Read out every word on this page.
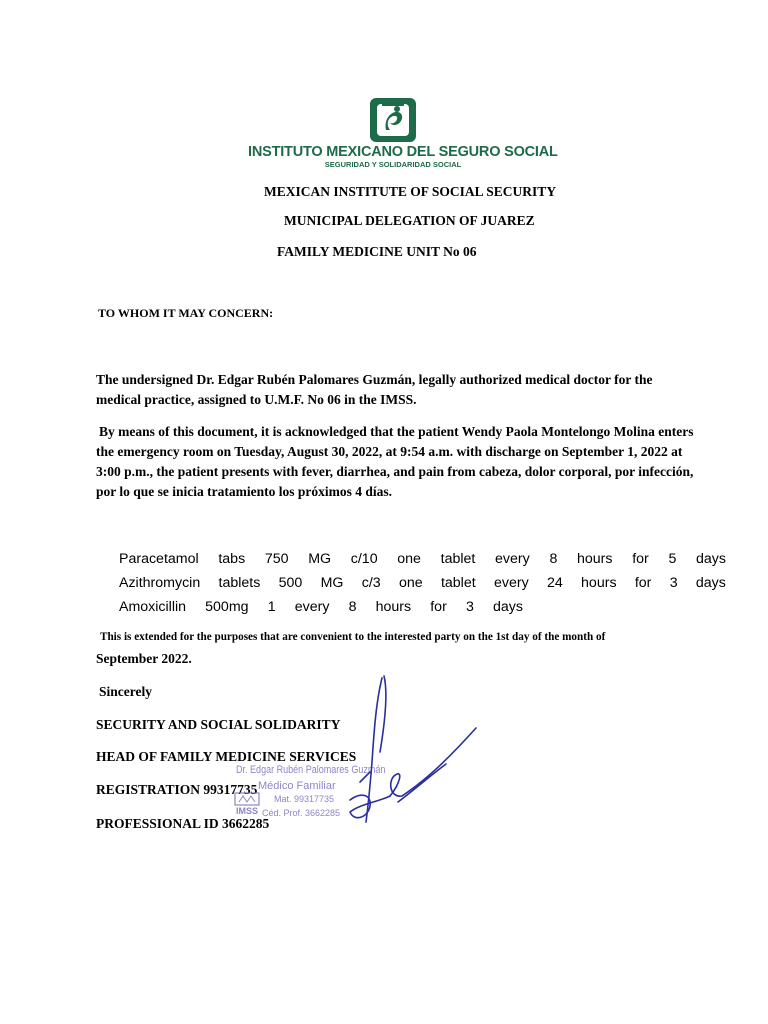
INSTITUTO MEXICANO DEL SEGURO SOCIAL
SEGURIDAD Y SOLIDARIDAD SOCIAL
MEXICAN INSTITUTE OF SOCIAL SECURITY
MUNICIPAL DELEGATION OF JUAREZ
FAMILY MEDICINE UNIT No 06
TO WHOM IT MAY CONCERN:
The undersigned Dr. Edgar Rubén Palomares Guzmán, legally authorized medical doctor for the medical practice, assigned to U.M.F. No 06 in the IMSS.
By means of this document, it is acknowledged that the patient Wendy Paola Montelongo Molina enters the emergency room on Tuesday, August 30, 2022, at 9:54 a.m. with discharge on September 1, 2022 at 3:00 p.m., the patient presents with fever, diarrhea, and pain from cabeza, dolor corporal, por infección, por lo que se inicia tratamiento los próximos 4 días.
Paracetamol tabs 750 MG c/10 one tablet every 8 hours for 5 days
Azithromycin tablets 500 MG c/3 one tablet every 24 hours for 3 days
Amoxicillin 500mg 1 every 8 hours for 3 days
This is extended for the purposes that are convenient to the interested party on the 1st day of the month of
September 2022.
Sincerely
SECURITY AND SOCIAL SOLIDARITY
HEAD OF FAMILY MEDICINE SERVICES
REGISTRATION 99317735
PROFESSIONAL ID 3662285
Dr. Edgar Rubén Palomares Guzmán
Médico Familiar
Mat. 99317735
IMSS Céd. Prof. 3662285
